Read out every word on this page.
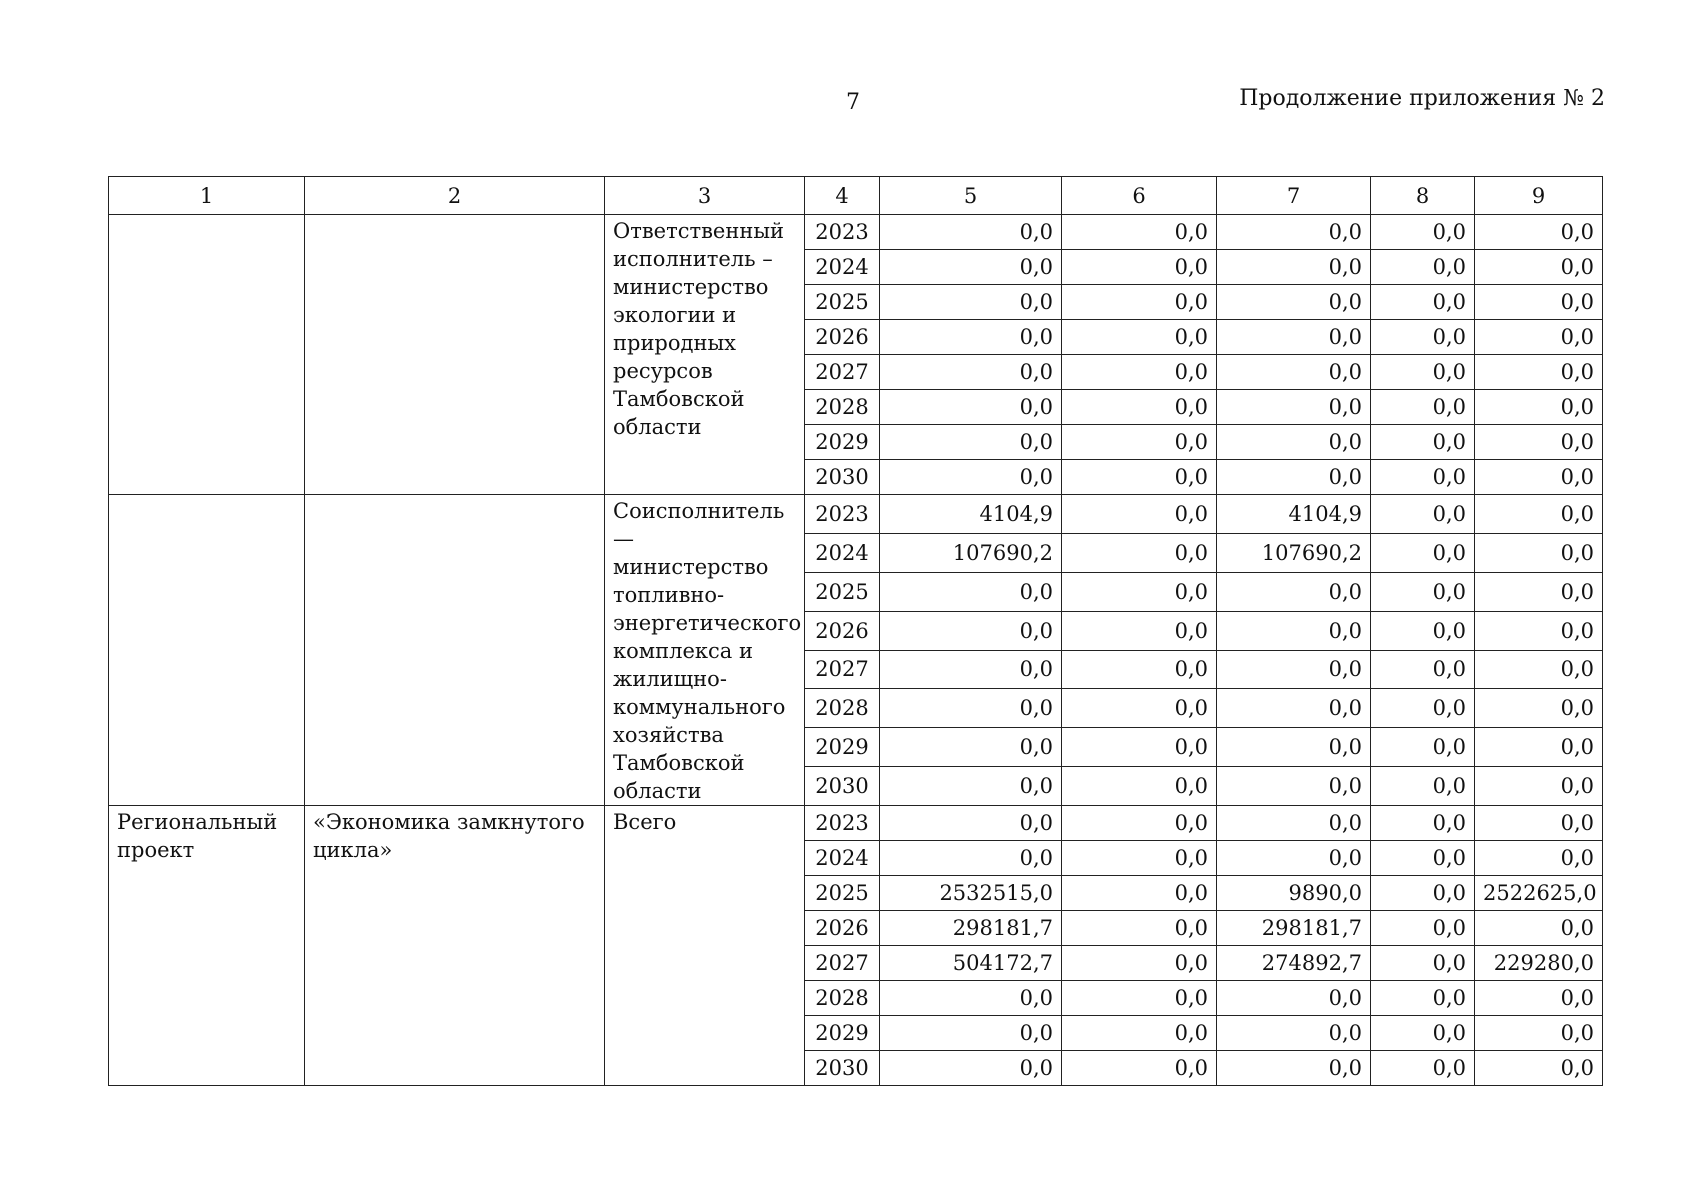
7	Продолжение приложения № 2
1	2	3	4	5	6	7	8	9
		Ответственный исполнитель – министерство экологии и природных ресурсов Тамбовской области	2023	0,0	0,0	0,0	0,0	0,0
			2024	0,0	0,0	0,0	0,0	0,0
			2025	0,0	0,0	0,0	0,0	0,0
			2026	0,0	0,0	0,0	0,0	0,0
			2027	0,0	0,0	0,0	0,0	0,0
			2028	0,0	0,0	0,0	0,0	0,0
			2029	0,0	0,0	0,0	0,0	0,0
			2030	0,0	0,0	0,0	0,0	0,0
		Соисполнитель — министерство топливно-энергетического комплекса и жилищно-коммунального хозяйства Тамбовской области	2023	4104,9	0,0	4104,9	0,0	0,0
			2024	107690,2	0,0	107690,2	0,0	0,0
			2025	0,0	0,0	0,0	0,0	0,0
			2026	0,0	0,0	0,0	0,0	0,0
			2027	0,0	0,0	0,0	0,0	0,0
			2028	0,0	0,0	0,0	0,0	0,0
			2029	0,0	0,0	0,0	0,0	0,0
			2030	0,0	0,0	0,0	0,0	0,0
Региональный проект	«Экономика замкнутого цикла»	Всего	2023	0,0	0,0	0,0	0,0	0,0
			2024	0,0	0,0	0,0	0,0	0,0
			2025	2532515,0	0,0	9890,0	0,0	2522625,0
			2026	298181,7	0,0	298181,7	0,0	0,0
			2027	504172,7	0,0	274892,7	0,0	229280,0
			2028	0,0	0,0	0,0	0,0	0,0
			2029	0,0	0,0	0,0	0,0	0,0
			2030	0,0	0,0	0,0	0,0	0,0
